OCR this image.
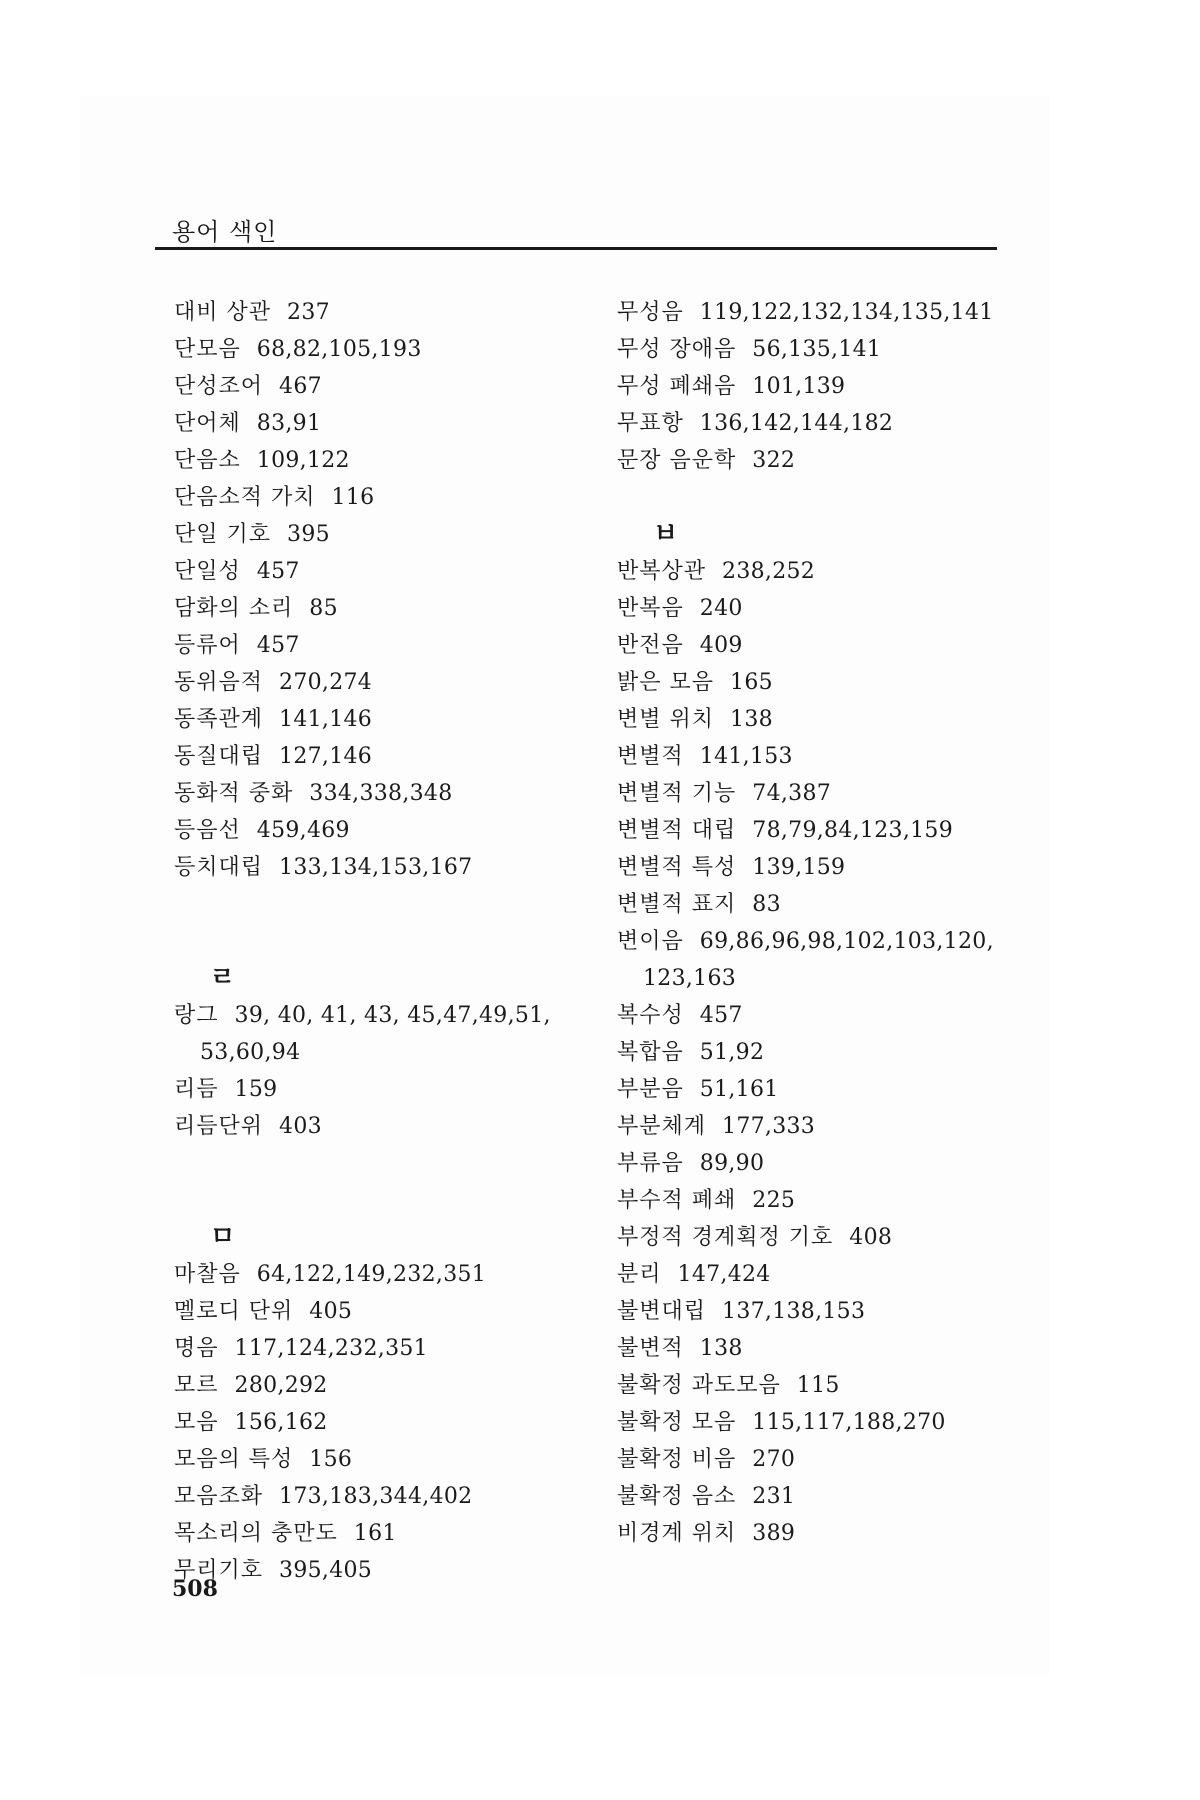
용어 색인
대비 상관 237
단모음 68,82,105,193
단성조어 467
단어체 83,91
단음소 109,122
단음소적 가치 116
단일 기호 395
단일성 457
담화의 소리 85
등류어 457
동위음적 270,274
동족관계 141,146
동질대립 127,146
동화적 중화 334,338,348
등음선 459,469
등치대립 133,134,153,167
ㄹ
랑그 39, 40, 41, 43, 45,47,49,51,
53,60,94
리듬 159
리듬단위 403
ㅁ
마찰음 64,122,149,232,351
멜로디 단위 405
명음 117,124,232,351
모르 280,292
모음 156,162
모음의 특성 156
모음조화 173,183,344,402
목소리의 충만도 161
무리기호 395,405
무성음 119,122,132,134,135,141
무성 장애음 56,135,141
무성 폐쇄음 101,139
무표항 136,142,144,182
문장 음운학 322
ㅂ
반복상관 238,252
반복음 240
반전음 409
밝은 모음 165
변별 위치 138
변별적 141,153
변별적 기능 74,387
변별적 대립 78,79,84,123,159
변별적 특성 139,159
변별적 표지 83
변이음 69,86,96,98,102,103,120,
123,163
복수성 457
복합음 51,92
부분음 51,161
부분체계 177,333
부류음 89,90
부수적 폐쇄 225
부정적 경계획정 기호 408
분리 147,424
불변대립 137,138,153
불변적 138
불확정 과도모음 115
불확정 모음 115,117,188,270
불확정 비음 270
불확정 음소 231
비경계 위치 389
508
